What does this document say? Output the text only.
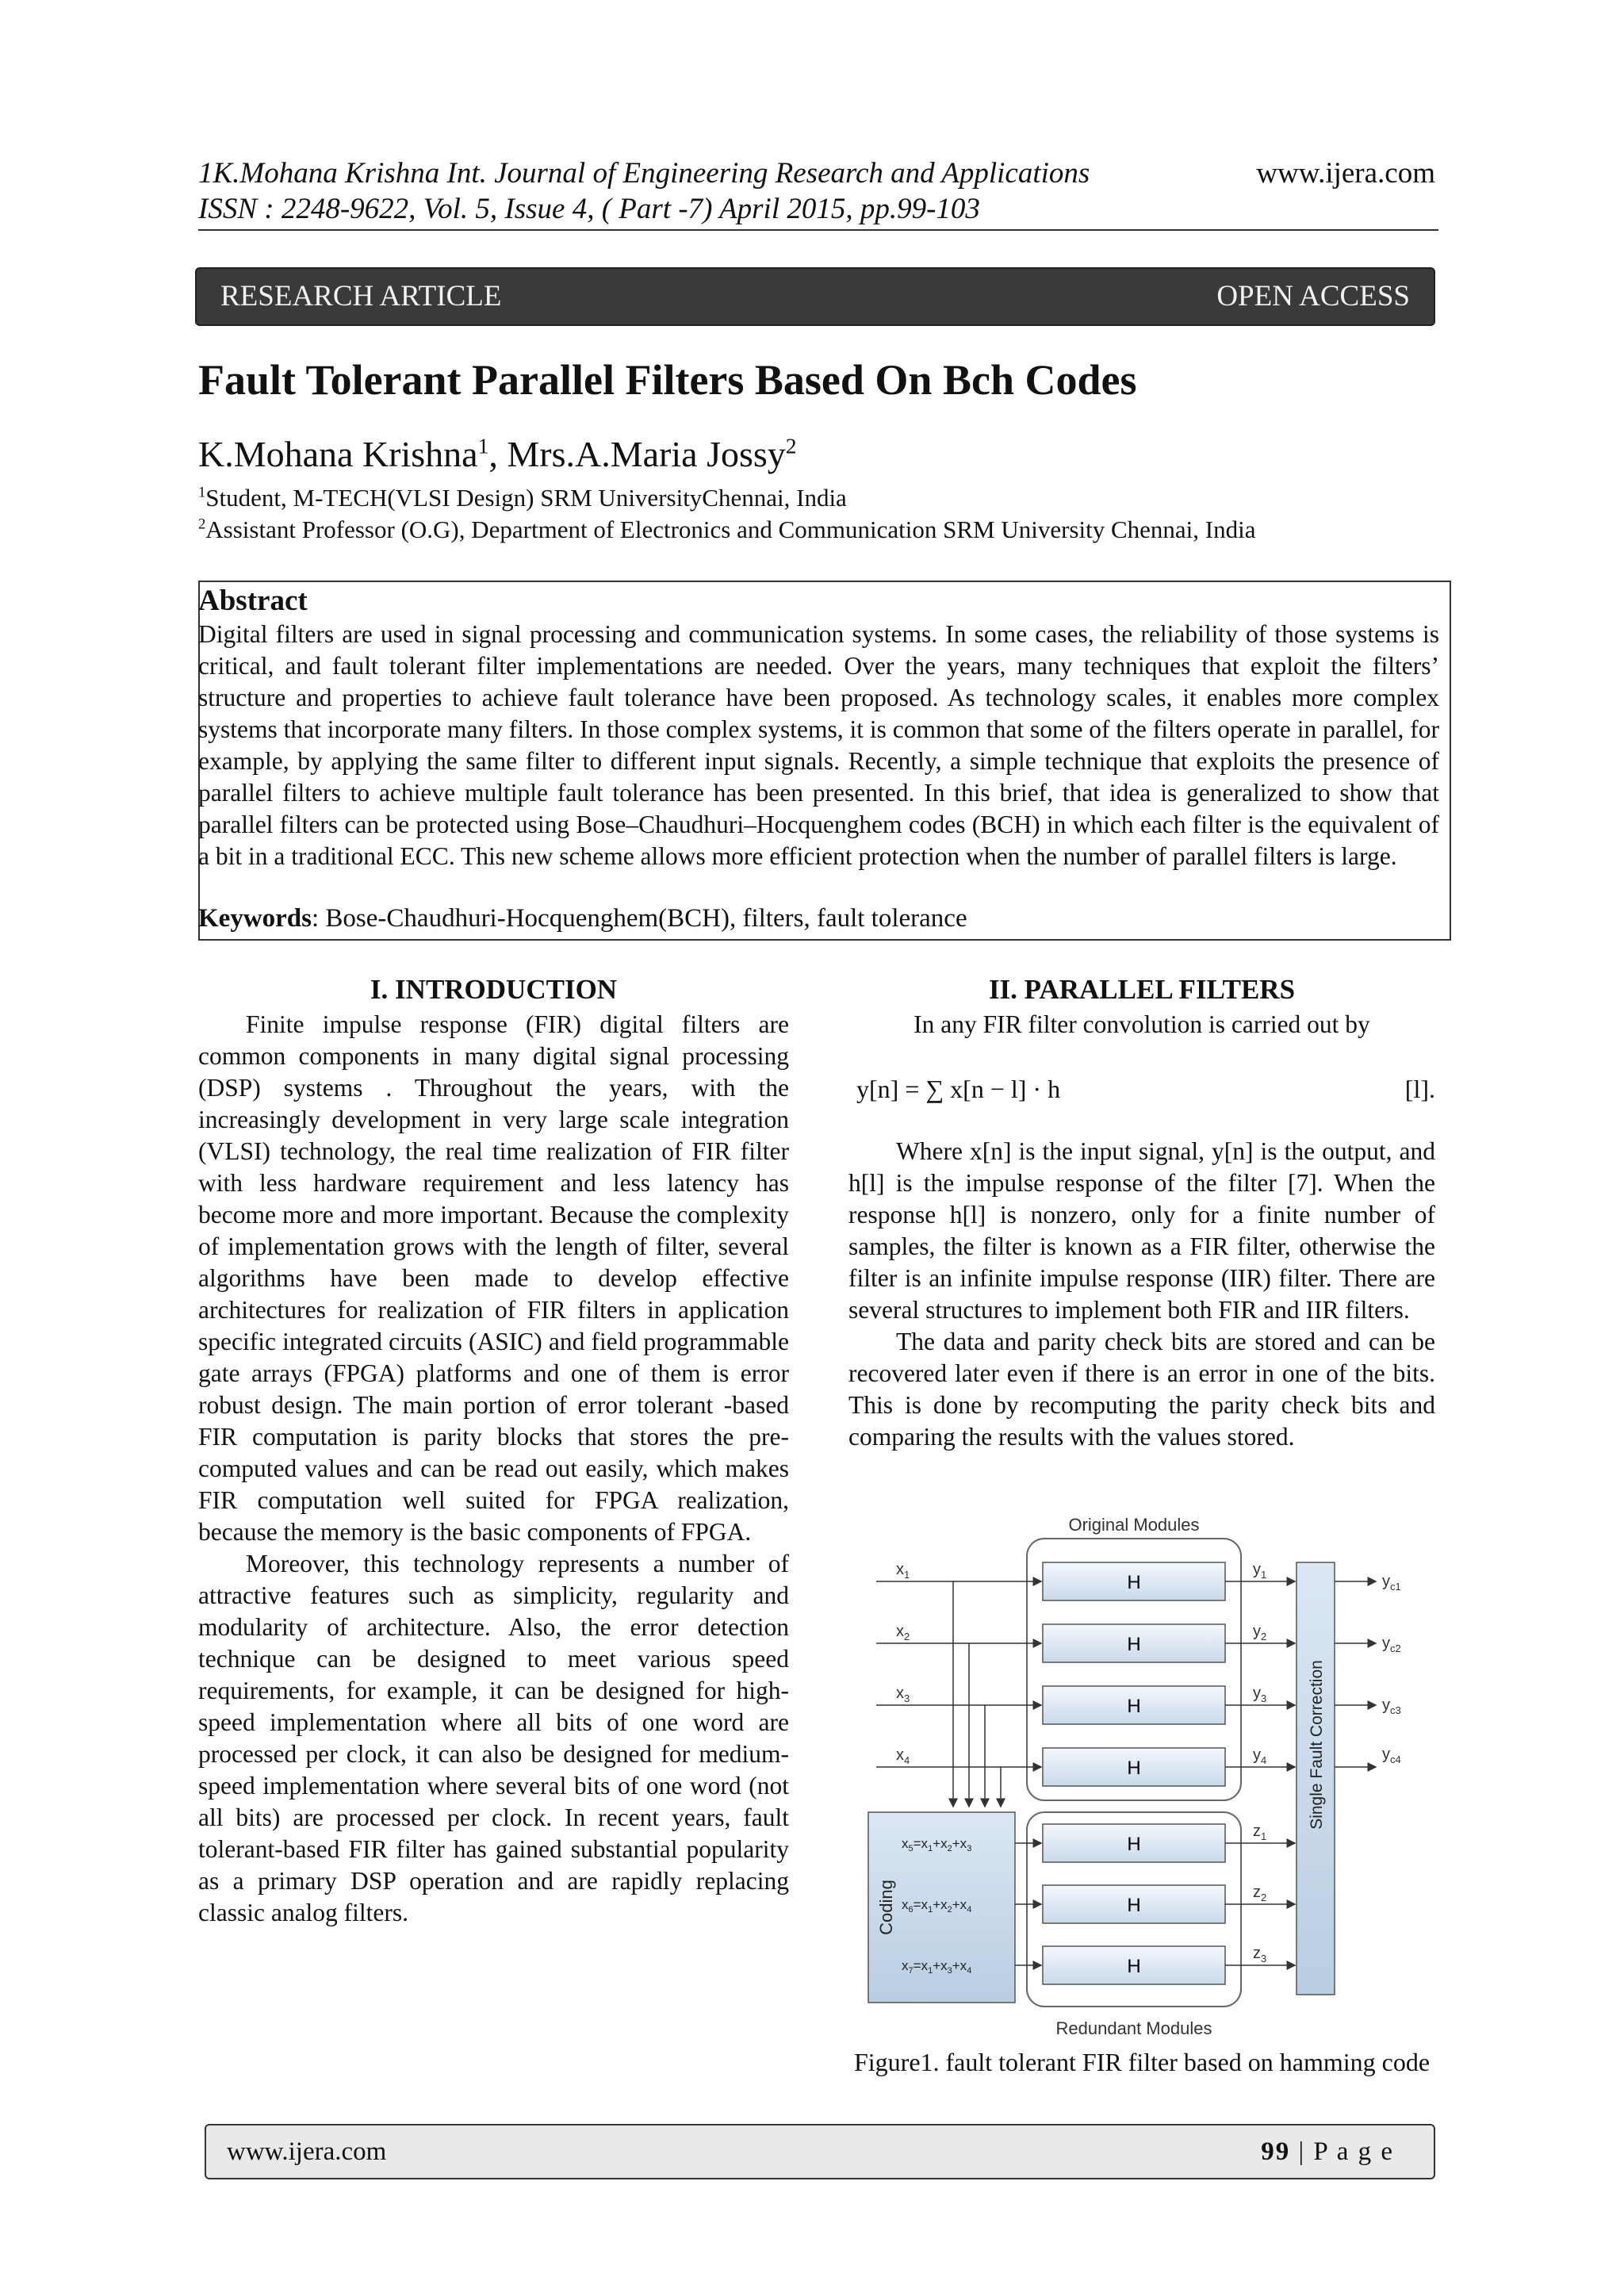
1K.Mohana Krishna Int. Journal of Engineering Research and Applications
ISSN : 2248-9622, Vol. 5, Issue 4, ( Part -7) April 2015, pp.99-103
www.ijera.com
RESEARCH ARTICLE	OPEN ACCESS
Fault Tolerant Parallel Filters Based On Bch Codes
K.Mohana Krishna$^1$, Mrs.A.Maria Jossy$^2$
$^1$Student, M-TECH(VLSI Design) SRM UniversityChennai, India
$^2$Assistant Professor (O.G), Department of Electronics and Communication SRM University Chennai, India
Abstract
Digital filters are used in signal processing and communication systems. In some cases, the reliability of those systems is critical, and fault tolerant filter implementations are needed. Over the years, many techniques that exploit the filters’ structure and properties to achieve fault tolerance have been proposed. As technology scales, it enables more complex systems that incorporate many filters. In those complex systems, it is common that some of the filters operate in parallel, for example, by applying the same filter to different input signals. Recently, a simple technique that exploits the presence of parallel filters to achieve multiple fault tolerance has been presented. In this brief, that idea is generalized to show that parallel filters can be protected using Bose–Chaudhuri–Hocquenghem codes (BCH) in which each filter is the equivalent of a bit in a traditional ECC. This new scheme allows more efficient protection when the number of parallel filters is large.
Keywords: Bose-Chaudhuri-Hocquenghem(BCH), filters, fault tolerance
I. INTRODUCTION

Finite impulse response (FIR) digital filters are common components in many digital signal processing (DSP) systems . Throughout the years, with the increasingly development in very large scale integration (VLSI) technology, the real time realization of FIR filter with less hardware requirement and less latency has become more and more important. Because the complexity of implementation grows with the length of filter, several algorithms have been made to develop effective architectures for realization of FIR filters in application specific integrated circuits (ASIC) and field programmable gate arrays (FPGA) platforms and one of them is error robust design. The main portion of error tolerant -based FIR computation is parity blocks that stores the pre-computed values and can be read out easily, which makes FIR computation well suited for FPGA realization, because the memory is the basic components of FPGA.

Moreover, this technology represents a number of attractive features such as simplicity, regularity and modularity of architecture. Also, the error detection technique can be designed to meet various speed requirements, for example, it can be designed for high-speed implementation where all bits of one word are processed per clock, it can also be designed for medium-speed implementation where several bits of one word (not all bits) are processed per clock. In recent years, fault tolerant-based FIR filter has gained substantial popularity as a primary DSP operation and are rapidly replacing classic analog filters.

II. PARALLEL FILTERS
In any FIR filter convolution is carried out by
y[n] = ∑ x[n − l] · h	[l].

Where x[n] is the input signal, y[n] is the output, and h[l] is the impulse response of the filter [7]. When the response h[l] is nonzero, only for a finite number of samples, the filter is known as a FIR filter, otherwise the filter is an infinite impulse response (IIR) filter. There are several structures to implement both FIR and IIR filters.

The data and parity check bits are stored and can be recovered later even if there is an error in one of the bits. This is done by recomputing the parity check bits and comparing the results with the values stored.

Original Modules
Redundant Modules
H
H
H
H
H
H
H
$x_1$
$x_2$
$x_3$
$x_4$
Coding
$x_5=x_1+x_2+x_3$
$x_6=x_1+x_2+x_4$
$x_7=x_1+x_3+x_4$
$y_1$
$y_2$
$y_3$
$y_4$
$z_1$
$z_2$
$z_3$
Single Fault Correction
$y_{c1}$
$y_{c2}$
$y_{c3}$
$y_{c4}$
Figure1. fault tolerant FIR filter based on hamming code
www.ijera.com	99 | P a g e
